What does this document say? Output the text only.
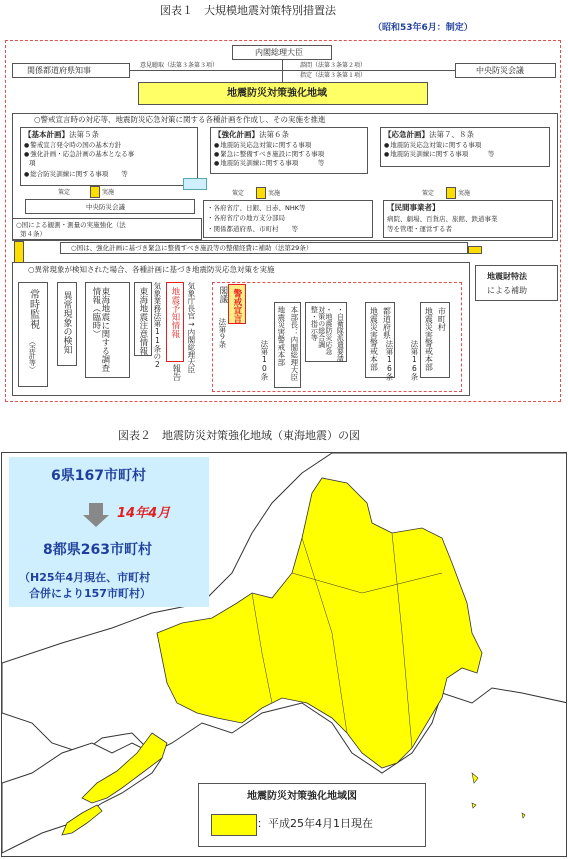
図表１　大規模地震対策特別措置法
（昭和53年6月：制定）
内閣総理大臣
関係都道府県知事	中央防災会議
意見聴取（法第３条第３項）	諮問（法第３条第２項）
指定（法第３条第１項）
地震防災対策強化地域
○警戒宣言時の対応等、地震防災応急対策に関する各種計画を作成し、その実施を推進
【基本計画】法第５条
● 警戒宣言発令時の国の基本方針
● 強化計画・応急計画の基本となる事
項
● 総合防災訓練に関する事項　　等
【強化計画】法第６条
● 地震防災応急対策に関する事項
● 緊急に整備すべき施設に関する事項
● 地震防災訓練に関する事項　　　等
【応急計画】法第７、８条
● 地震防災応急対策に関する事項
● 地震防災訓練に関する事項　　　等
策定	実施
中央防災会議
策定	実施
・各府省庁、日銀、日赤、NHK等
・各府省庁の地方支分部局
・関係都道府県、市町村　　等
策定	実施
【民間事業者】
病院、劇場、百貨店、旅館、鉄道事業
等を管理・運営する者
○国による観測・測量の実施強化（法
第４条）
○国は、強化計画に基づき緊急に整備すべき施設等の整備経費に補助（法第29条）
地震財特法
による補助
○異常現象が検知された場合、各種計画に基づき地震防災応急対策を実施
常時監視
（歪計等）
異常現象の検知	東海地震に関する調査情報（臨時）	東海地震注意情報 気象業務法第11条の2 地震予知情報
報告 気象庁長官→内閣総理大臣	閣議
法第９条
警戒宣言	本部長：内閣総理大臣
地震災害警戒本部
法第10条	・自衛隊派遣要請
・地震防災応急対策の総合調整・指示等	都道府県
地震災害警戒本部 法第16条
市町村
地震災害警戒本部
法第16条
図表２　地震防災対策強化地域（東海地震）の図
6県167市町村
14年4月
8都県263市町村
（H25年4月現在、市町村
合併により157市町村）
地震防災対策強化地域図
：平成25年4月1日現在
